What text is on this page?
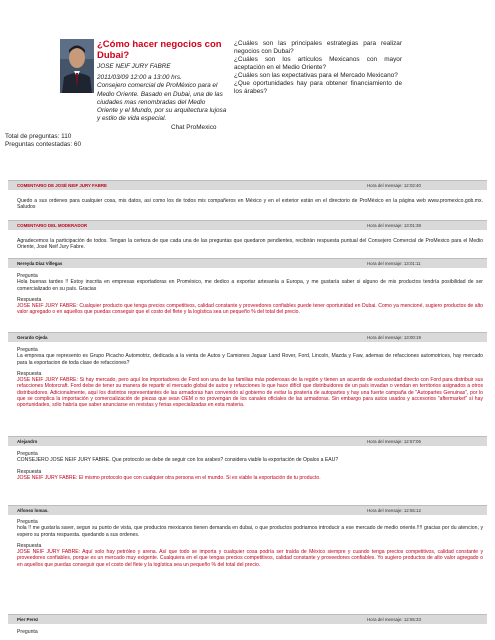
¿Cómo hacer negocios con Dubai?
JOSE NEIF JURY FABRE
2011/03/09 12:00 a 13:00 hrs.
Consejero comercial de ProMéxico para el Medio Oriente. Basado en Dubai, una de las ciudades mas renombradas del Medio Oriente y el Mundo, por su arquitectura lujosa y estilo de vida especial.
¿Cuáles son las principales estrategias para realizar negocios con Dubai?
¿Cuáles son los artículos Mexicanos con mayor aceptación en el Medio Oriente?
¿Cuáles son las expectativas para el Mercado Mexicano?
¿Que oportunidades hay para obtener financiamiento de los árabes?
Chat ProMexico
Total de preguntas: 110
Preguntas contestadas: 60
COMENTARIO DE JOSÉ NEIF JURY FABRE	Hora del mensaje: 12:02:40

Quedo a sus ordenes para cualquier cosa, mis datos, asi como los de todos mis compañeros en México y en el exterior están en el directorio de ProMéxico en la página web www.promexico.gob.mx. Saludos

COMENTARIO DEL MODERADOR	Hora del mensaje: 13:01:38

Agradecemos la participación de todos. Tengan la certeza de que cada una de las preguntas que quedaron pendientes, recibirán respuesta puntual del Consejero Comercial de ProMexico para el Medio Oriente, José Neif Jury Fabre.

Nereyda Díaz Villegas	Hora del mensaje: 13:01:11

Pregunta

Hola buenas tardes !! Estoy inscrita en empresas exportadoras en Proméxico, me dedico a exportar artesanía a Europa, y me gustaría saber si alguno de mis productos tendría posibilidad de ser comercializado en su país. Gracias

Respuesta

JOSE NEIF JURY FABRE: Cualquier producto que tenga precios competitivos, calidad constante y proveedores confiables puede tener oportunidad en Dubai. Como ya mencioné, sugiero productos de alto valor agregado o en aquellos que puedas conseguir que el costo del flete y la logística sea un pequeño % del total del precio.

Gerardo Ojeda	Hora del mensaje: 13:00:19

Pregunta

La empresa que represento es Grupo Picacho Automotriz, dedicada a la venta de Autos y Camiones Jaguar Land Rover, Ford, Lincoln, Mazda y Faw, ademas de refacciones automotrices, hay mercado para la exportacion de toda clase de refacciones?

Respuesta

JOSE NEIF JURY FABRE: Si hay mercado, pero aquí los importadores de Ford son una de las familias más poderosas de la región y tienen un acuerdo de exclusividad directo con Ford para distribuir sus refacciones Motorcraft. Ford debe de tener su manera de repartir el mercado global de autos y refacciones lo que hace difícil que distribuidores de un país invadan o vendan en territorios asignados a otros distribuidores. Adicionalmente, aquí los distintos representantes de las armadoras han convenido al gobierno de evitar la piratería de autopartes y hay una fuerte campaña de "Autopartes Genuinas", por lo que se complica la importación y comercialización de piezas que sean OEM o no provengan de los canales oficiales de las armadoras. Sin embargo para autos usados y accesorios "aftermarket" sí hay oportunidades, sólo habría que saber anunciarse en revistas y ferias especializadas en esta materia.

Alejandro	Hora del mensaje: 12:57:06

Pregunta

CONSEJERO JOSÉ NEIF JURY FABRE. Que protocolo se debe de seguir con los arabes? considera viable la exportación de Opalos a EAU?

Respuesta

JOSE NEIF JURY FABRE: El mismo protocolo que con cualquier otra persona en el mundo. Si es viable la exportación de tu producto.

Alfonso lomas.	Hora del mensaje: 12:55:12

Pregunta

hola !! me gustaría saver, segun su punto de vista, que productos mexicanos tienen demanda en dubai, o que productos podriamos introducir a ese mercado de medio oriente.!!!! gracias por du atencion, y espero su pronta respuesta. quedando a sus ordenes.

Respuesta

JOSE NEIF JURY FABRE: Aquí solo hay petróleo y arena. Así que todo se importa y cualquier cosa podría ser traída de México siempre y cuando tenga precios competitivos, calidad constante y proveedores confiables, porque es un mercado muy exigente. Cualquiera en el que tengas precios competitivos, calidad constante y proveedores confiables. Yo sugiero productos de alto valor agregado o en aquellos que puedas conseguir que el costo del flete y la logística sea un pequeño % del total del precio.

Pier Perez	Hora del mensaje: 12:55:33

Pregunta
